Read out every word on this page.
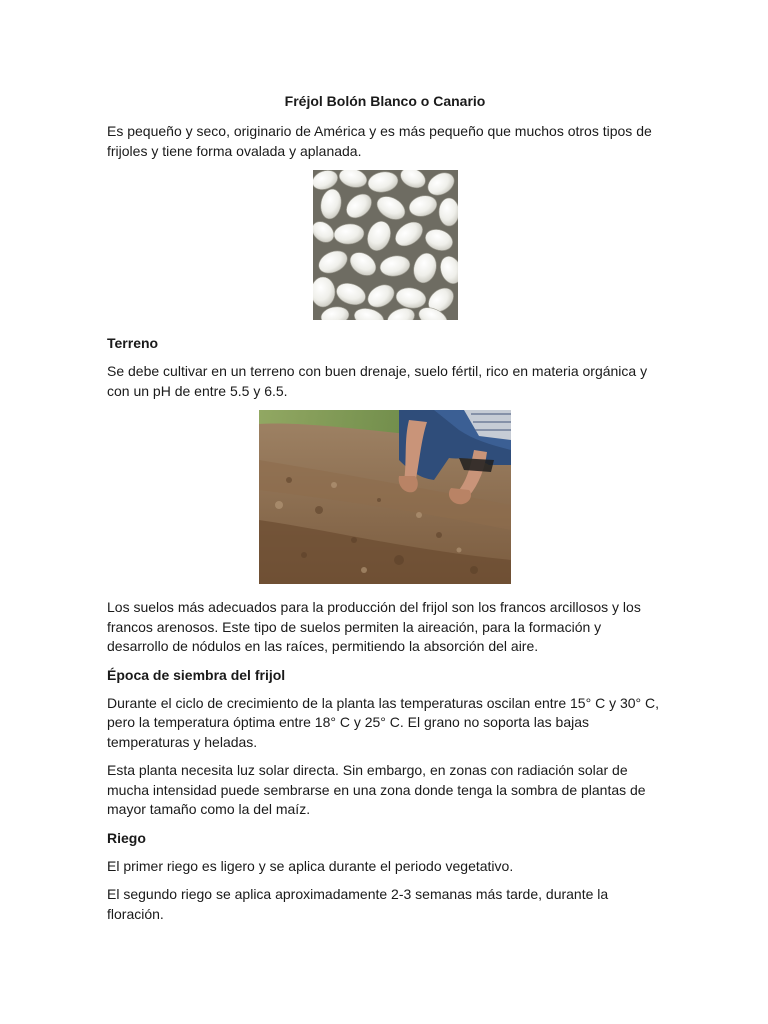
Fréjol Bolón Blanco o Canario

Es pequeño y seco, originario de América y es más pequeño que muchos otros tipos de frijoles y tiene forma ovalada y aplanada.

Terreno

Se debe cultivar en un terreno con buen drenaje, suelo fértil, rico en materia orgánica y con un pH de entre 5.5 y 6.5.

Los suelos más adecuados para la producción del frijol son los francos arcillosos y los francos arenosos. Este tipo de suelos permiten la aireación, para la formación y desarrollo de nódulos en las raíces, permitiendo la absorción del aire.

Época de siembra del frijol

Durante el ciclo de crecimiento de la planta las temperaturas oscilan entre 15° C y 30° C, pero la temperatura óptima entre 18° C y 25° C. El grano no soporta las bajas temperaturas y heladas.

Esta planta necesita luz solar directa. Sin embargo, en zonas con radiación solar de mucha intensidad puede sembrarse en una zona donde tenga la sombra de plantas de mayor tamaño como la del maíz.

Riego

El primer riego es ligero y se aplica durante el periodo vegetativo.

El segundo riego se aplica aproximadamente 2-3 semanas más tarde, durante la floración.
